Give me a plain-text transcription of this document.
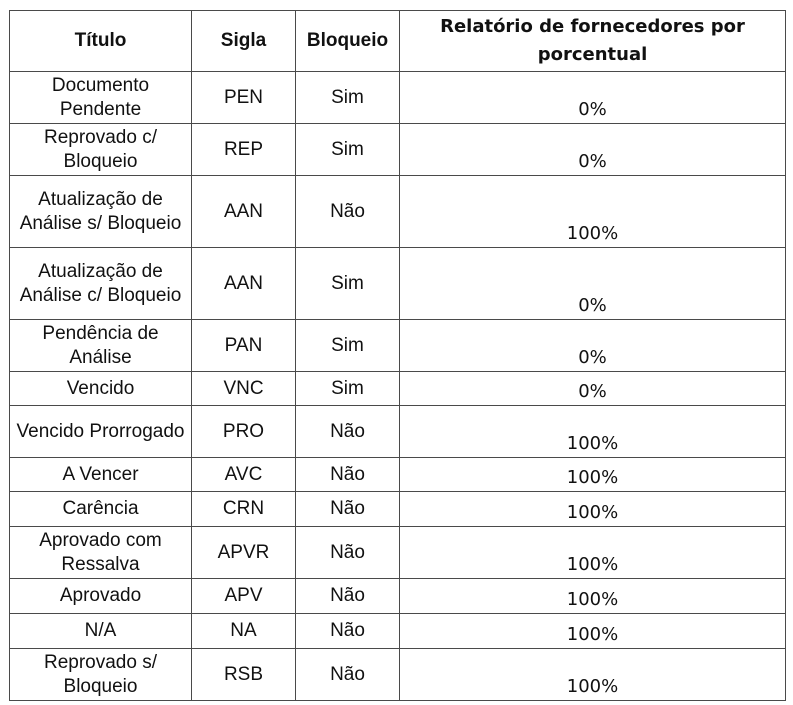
Título	Sigla	Bloqueio	Relatório de fornecedores por porcentual
Documento Pendente	PEN	Sim	0%
Reprovado c/ Bloqueio	REP	Sim	0%
Atualização de Análise s/ Bloqueio	AAN	Não	100%
Atualização de Análise c/ Bloqueio	AAN	Sim	0%
Pendência de Análise	PAN	Sim	0%
Vencido	VNC	Sim	0%
Vencido Prorrogado	PRO	Não	100%
A Vencer	AVC	Não	100%
Carência	CRN	Não	100%
Aprovado com Ressalva	APVR	Não	100%
Aprovado	APV	Não	100%
N/A	NA	Não	100%
Reprovado s/ Bloqueio	RSB	Não	100%
